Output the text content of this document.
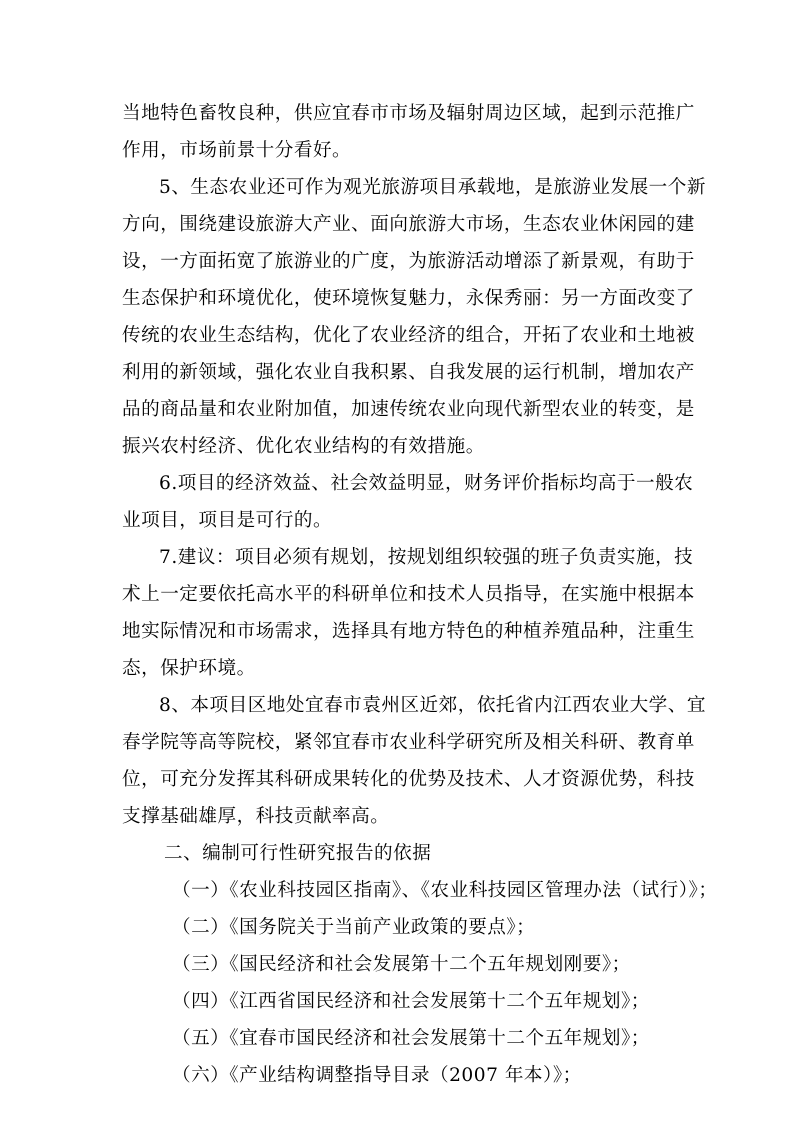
当地特色畜牧良种，供应宜春市市场及辐射周边区域，起到示范推广
作用，市场前景十分看好。
5、生态农业还可作为观光旅游项目承载地，是旅游业发展一个新
方向，围绕建设旅游大产业、面向旅游大市场，生态农业休闲园的建
设，一方面拓宽了旅游业的广度，为旅游活动增添了新景观，有助于
生态保护和环境优化，使环境恢复魅力，永保秀丽：另一方面改变了
传统的农业生态结构，优化了农业经济的组合，开拓了农业和土地被
利用的新领域，强化农业自我积累、自我发展的运行机制，增加农产
品的商品量和农业附加值，加速传统农业向现代新型农业的转变，是
振兴农村经济、优化农业结构的有效措施。
6.项目的经济效益、社会效益明显，财务评价指标均高于一般农
业项目，项目是可行的。
7.建议：项目必须有规划，按规划组织较强的班子负责实施，技
术上一定要依托高水平的科研单位和技术人员指导，在实施中根据本
地实际情况和市场需求，选择具有地方特色的种植养殖品种，注重生
态，保护环境。
8、本项目区地处宜春市袁州区近郊，依托省内江西农业大学、宜
春学院等高等院校，紧邻宜春市农业科学研究所及相关科研、教育单
位，可充分发挥其科研成果转化的优势及技术、人才资源优势，科技
支撑基础雄厚，科技贡献率高。
二、编制可行性研究报告的依据
（一）《农业科技园区指南》、《农业科技园区管理办法（试行）》；
（二）《国务院关于当前产业政策的要点》；
（三）《国民经济和社会发展第十二个五年规划刚要》；
（四）《江西省国民经济和社会发展第十二个五年规划》；
（五）《宜春市国民经济和社会发展第十二个五年规划》；
（六）《产业结构调整指导目录（2007 年本）》；
